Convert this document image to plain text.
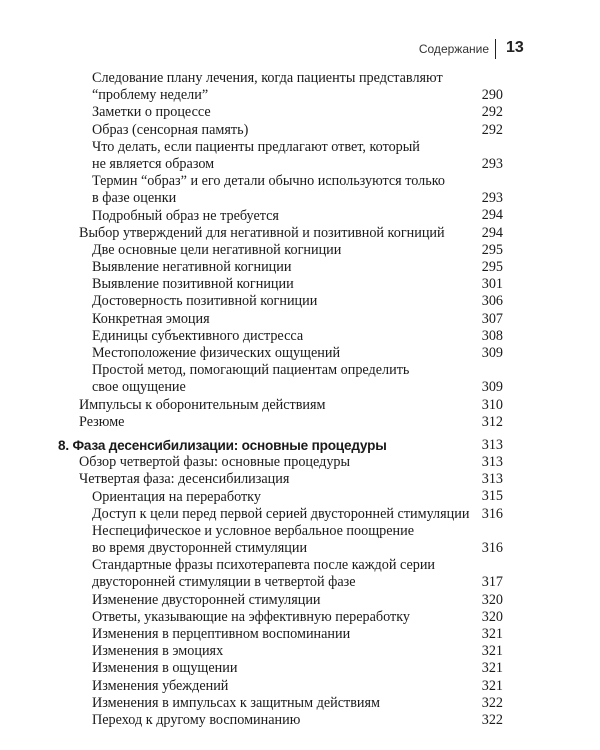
Содержание 13
Следование плану лечения, когда пациенты представляют
“проблему недели”	290
Заметки о процессе	292
Образ (сенсорная память)	292
Что делать, если пациенты предлагают ответ, который
не является образом	293
Термин “образ” и его детали обычно используются только
в фазе оценки	293
Подробный образ не требуется	294
Выбор утверждений для негативной и позитивной когниций	294
Две основные цели негативной когниции	295
Выявление негативной когниции	295
Выявление позитивной когниции	301
Достоверность позитивной когниции	306
Конкретная эмоция	307
Единицы субъективного дистресса	308
Местоположение физических ощущений	309
Простой метод, помогающий пациентам определить
свое ощущение	309
Импульсы к оборонительным действиям	310
Резюме	312
8. Фаза десенсибилизации: основные процедуры	313
Обзор четвертой фазы: основные процедуры	313
Четвертая фаза: десенсибилизация	313
Ориентация на переработку	315
Доступ к цели перед первой серией двусторонней стимуляции 316
Неспецифическое и условное вербальное поощрение
во время двусторонней стимуляции	316
Стандартные фразы психотерапевта после каждой серии
двусторонней стимуляции в четвертой фазе	317
Изменение двусторонней стимуляции	320
Ответы, указывающие на эффективную переработку	320
Изменения в перцептивном воспоминании	321
Изменения в эмоциях	321
Изменения в ощущении	321
Изменения убеждений	321
Изменения в импульсах к защитным действиям	322
Переход к другому воспоминанию	322
